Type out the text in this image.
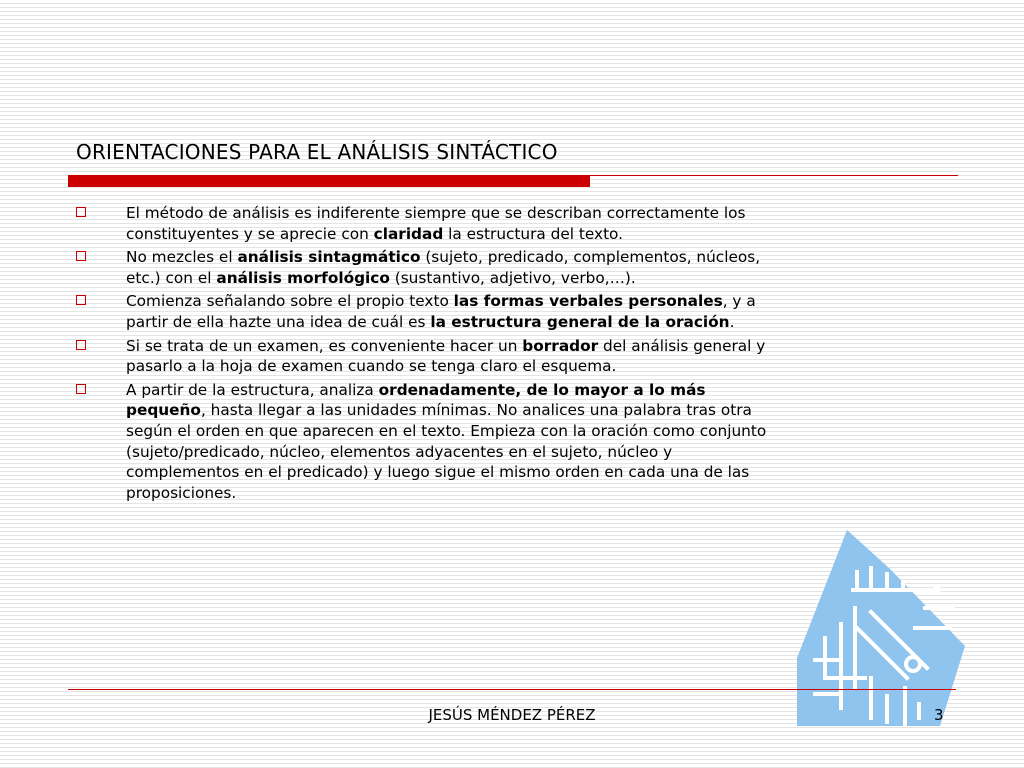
ORIENTACIONES PARA EL ANÁLISIS SINTÁCTICO
El método de análisis es indiferente siempre que se describan correctamente los constituyentes y se aprecie con claridad la estructura del texto.
No mezcles el análisis sintagmático (sujeto, predicado, complementos, núcleos, etc.) con el análisis morfológico (sustantivo, adjetivo, verbo,…).
Comienza señalando sobre el propio texto las formas verbales personales, y a partir de ella hazte una idea de cuál es la estructura general de la oración.
Si se trata de un examen, es conveniente hacer un borrador del análisis general y pasarlo a la hoja de examen cuando se tenga claro el esquema.
A partir de la estructura, analiza ordenadamente, de lo mayor a lo más pequeño, hasta llegar a las unidades mínimas. No analices una palabra tras otra según el orden en que aparecen en el texto. Empieza con la oración como conjunto (sujeto/predicado, núcleo, elementos adyacentes en el sujeto, núcleo y complementos en el predicado) y luego sigue el mismo orden en cada una de las proposiciones.
JESÚS MÉNDEZ PÉREZ	3
